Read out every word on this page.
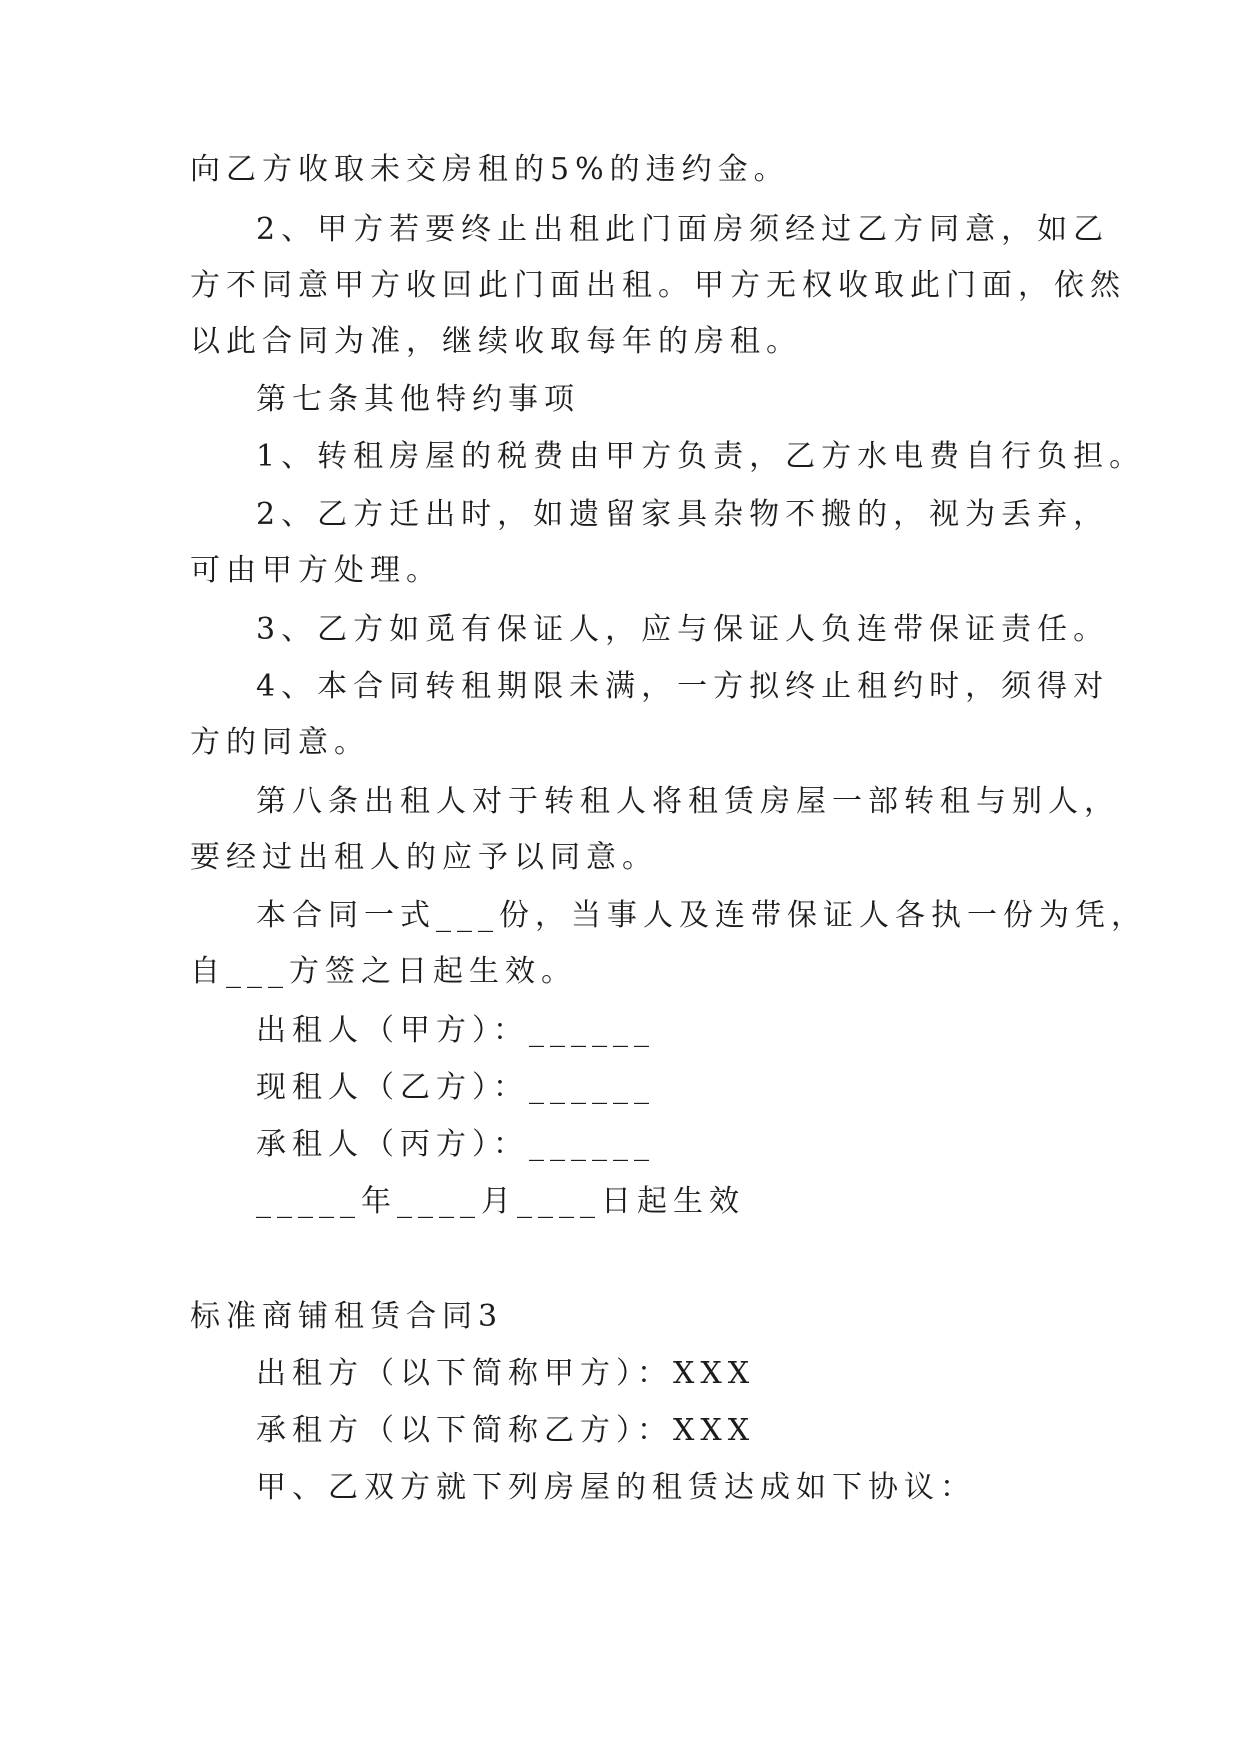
向乙方收取未交房租的5%的违约金。
2、甲方若要终止出租此门面房须经过乙方同意，如乙
方不同意甲方收回此门面出租。甲方无权收取此门面，依然
以此合同为准，继续收取每年的房租。
第七条其他特约事项
1、转租房屋的税费由甲方负责，乙方水电费自行负担。
2、乙方迁出时，如遗留家具杂物不搬的，视为丢弃，
可由甲方处理。
3、乙方如觅有保证人，应与保证人负连带保证责任。
4、本合同转租期限未满，一方拟终止租约时，须得对
方的同意。
第八条出租人对于转租人将租赁房屋一部转租与别人，
要经过出租人的应予以同意。
本合同一式___份，当事人及连带保证人各执一份为凭，
自___方签之日起生效。
出租人（甲方）：______
现租人（乙方）：______
承租人（丙方）：______
_____年____月____日起生效
标准商铺租赁合同3
出租方（以下简称甲方）：XXX
承租方（以下简称乙方）：XXX
甲、乙双方就下列房屋的租赁达成如下协议：
